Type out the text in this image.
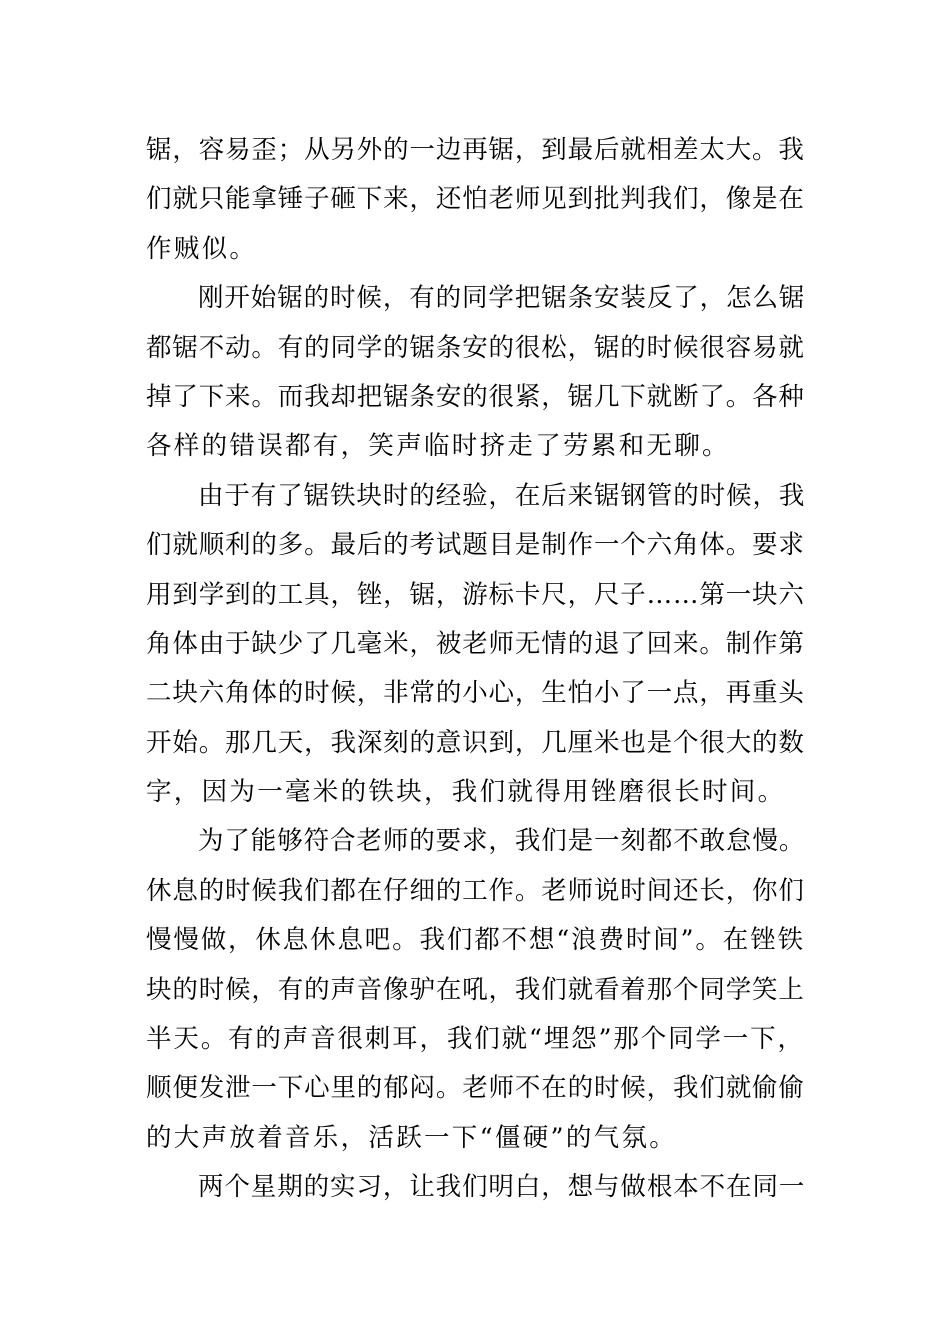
锯，容易歪；从另外的一边再锯，到最后就相差太大。我
们就只能拿锤子砸下来，还怕老师见到批判我们，像是在
作贼似。
刚开始锯的时候，有的同学把锯条安装反了，怎么锯
都锯不动。有的同学的锯条安的很松，锯的时候很容易就
掉了下来。而我却把锯条安的很紧，锯几下就断了。各种
各样的错误都有，笑声临时挤走了劳累和无聊。
由于有了锯铁块时的经验，在后来锯钢管的时候，我
们就顺利的多。最后的考试题目是制作一个六角体。要求
用到学到的工具，锉，锯，游标卡尺，尺子……第一块六
角体由于缺少了几毫米，被老师无情的退了回来。制作第
二块六角体的时候，非常的小心，生怕小了一点，再重头
开始。那几天，我深刻的意识到，几厘米也是个很大的数
字，因为一毫米的铁块，我们就得用锉磨很长时间。
为了能够符合老师的要求，我们是一刻都不敢怠慢。
休息的时候我们都在仔细的工作。老师说时间还长，你们
慢慢做，休息休息吧。我们都不想“浪费时间”。在锉铁
块的时候，有的声音像驴在吼，我们就看着那个同学笑上
半天。有的声音很刺耳，我们就“埋怨”那个同学一下，
顺便发泄一下心里的郁闷。老师不在的时候，我们就偷偷
的大声放着音乐，活跃一下“僵硬”的气氛。
两个星期的实习，让我们明白，想与做根本不在同一
